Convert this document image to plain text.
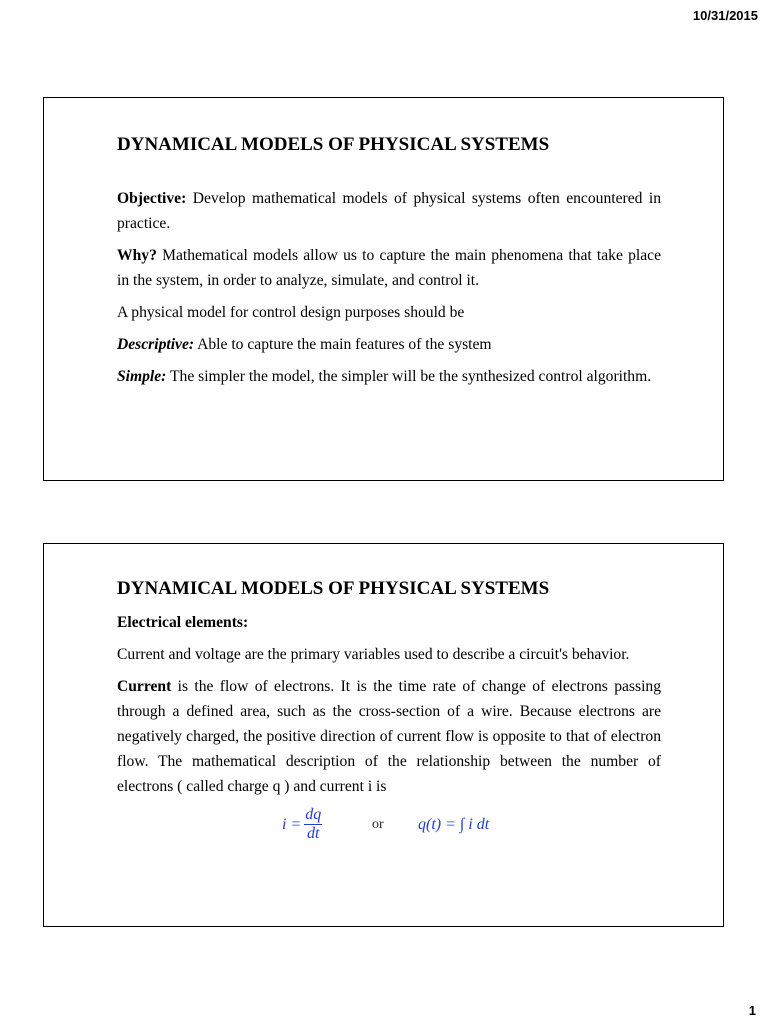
10/31/2015
DYNAMICAL MODELS OF PHYSICAL SYSTEMS

Objective: Develop mathematical models of physical systems often encountered in practice.

Why? Mathematical models allow us to capture the main phenomena that take place in the system, in order to analyze, simulate, and control it.

A physical model for control design purposes should be

Descriptive: Able to capture the main features of the system

Simple: The simpler the model, the simpler will be the synthesized control algorithm.

DYNAMICAL MODELS OF PHYSICAL SYSTEMS

Electrical elements:

Current and voltage are the primary variables used to describe a circuit's behavior.

Current is the flow of electrons. It is the time rate of change of electrons passing through a defined area, such as the cross-section of a wire. Because electrons are negatively charged, the positive direction of current flow is opposite to that of electron flow. The mathematical description of the relationship between the number of electrons ( called charge q ) and current i is

$i = \frac{dq}{dt}$	or q(t) = ∫ i dt
1
